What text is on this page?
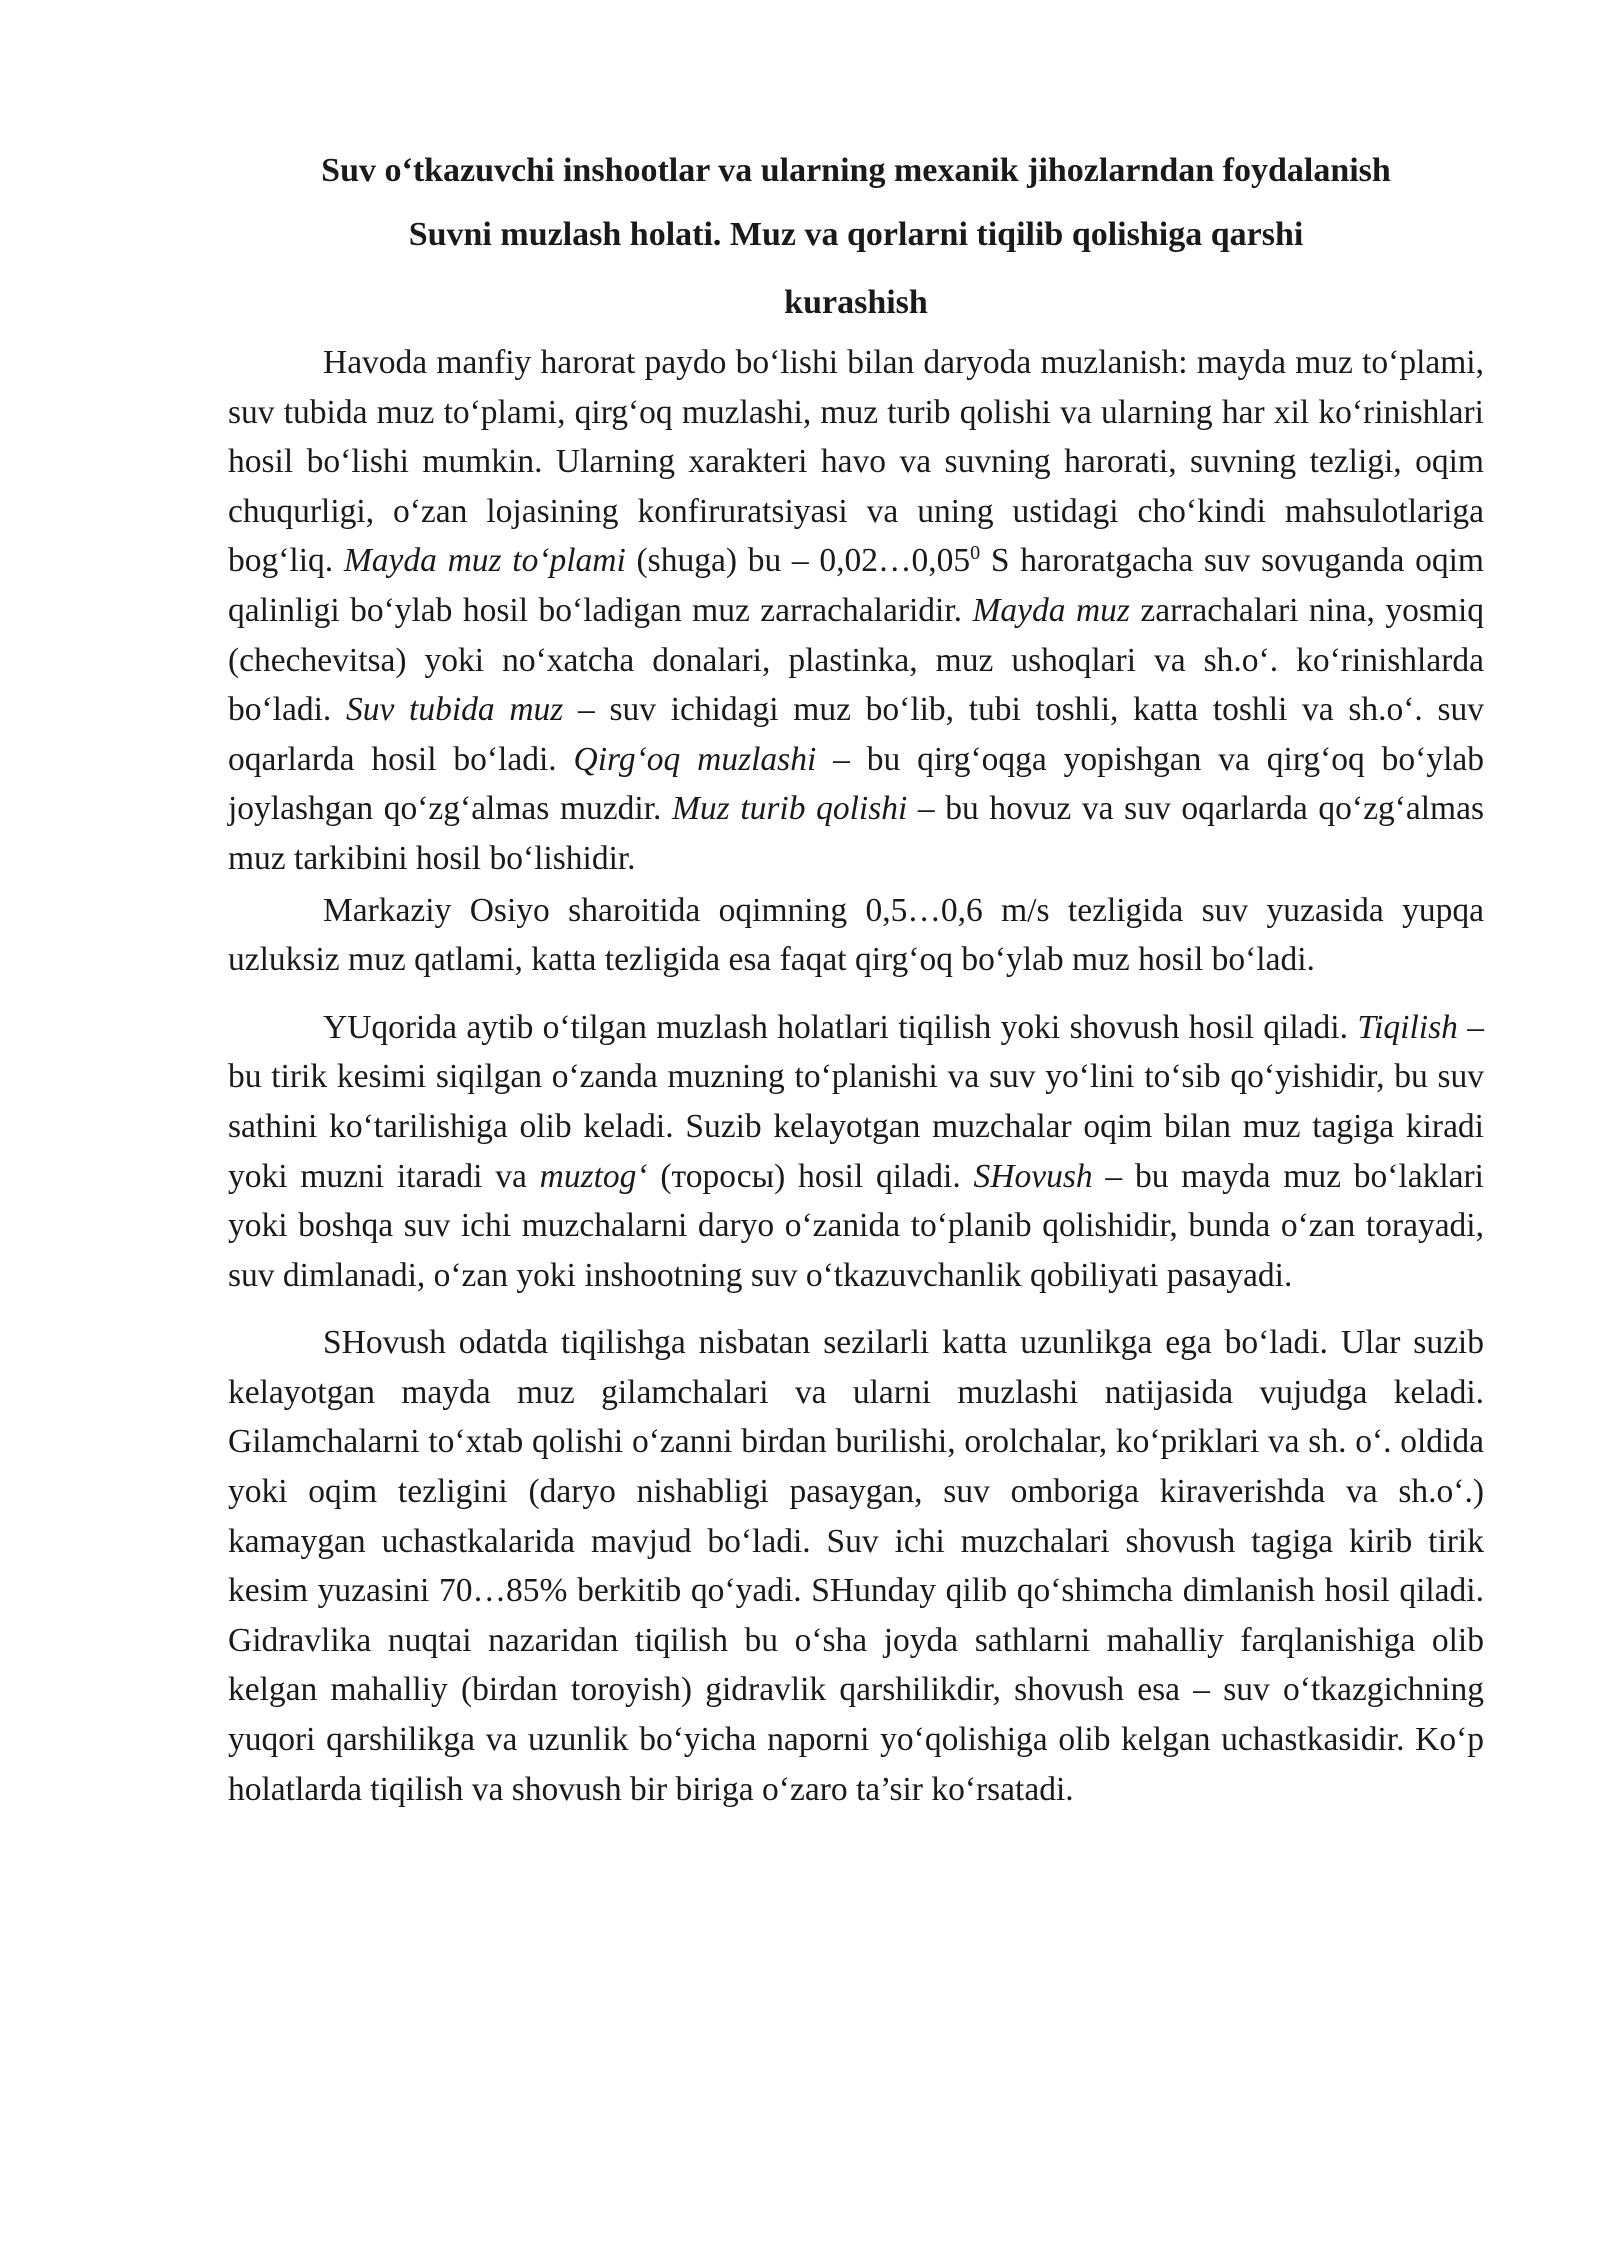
Suv o‘tkazuvchi inshootlar va ularning mexanik jihozlarndan foydalanish
Suvni muzlash holati. Muz va qorlarni tiqilib qolishiga qarshi
kurashish

Havoda manfiy harorat paydo bo‘lishi bilan daryoda muzlanish: mayda muz to‘plami, suv tubida muz to‘plami, qirg‘oq muzlashi, muz turib qolishi va ularning har xil ko‘rinishlari hosil bo‘lishi mumkin. Ularning xarakteri havo va suvning harorati, suvning tezligi, oqim chuqurligi, o‘zan lojasining konfiruratsiyasi va uning ustidagi cho‘kindi mahsulotlariga bog‘liq. Mayda muz to‘plami (shuga) bu – 0,02…0,05$^0$ S haroratgacha suv sovuganda oqim qalinligi bo‘ylab hosil bo‘ladigan muz zarrachalaridir. Mayda muz zarrachalari nina, yosmiq (chechevitsa) yoki no‘xatcha donalari, plastinka, muz ushoqlari va sh.o‘. ko‘rinishlarda bo‘ladi. Suv tubida muz – suv ichidagi muz bo‘lib, tubi toshli, katta toshli va sh.o‘. suv oqarlarda hosil bo‘ladi. Qirg‘oq muzlashi – bu qirg‘oqga yopishgan va qirg‘oq bo‘ylab joylashgan qo‘zg‘almas muzdir. Muz turib qolishi – bu hovuz va suv oqarlarda qo‘zg‘almas muz tarkibini hosil bo‘lishidir.

Markaziy Osiyo sharoitida oqimning 0,5…0,6 m/s tezligida suv yuzasida yupqa uzluksiz muz qatlami, katta tezligida esa faqat qirg‘oq bo‘ylab muz hosil bo‘ladi.

YUqorida aytib o‘tilgan muzlash holatlari tiqilish yoki shovush hosil qiladi. Tiqilish – bu tirik kesimi siqilgan o‘zanda muzning to‘planishi va suv yo‘lini to‘sib qo‘yishidir, bu suv sathini ko‘tarilishiga olib keladi. Suzib kelayotgan muzchalar oqim bilan muz tagiga kiradi yoki muzni itaradi va muztog‘ (торосы) hosil qiladi. SHovush – bu mayda muz bo‘laklari yoki boshqa suv ichi muzchalarni daryo o‘zanida to‘planib qolishidir, bunda o‘zan torayadi, suv dimlanadi, o‘zan yoki inshootning suv o‘tkazuvchanlik qobiliyati pasayadi.

SHovush odatda tiqilishga nisbatan sezilarli katta uzunlikga ega bo‘ladi. Ular suzib kelayotgan mayda muz gilamchalari va ularni muzlashi natijasida vujudga keladi. Gilamchalarni to‘xtab qolishi o‘zanni birdan burilishi, orolchalar, ko‘priklari va sh. o‘. oldida yoki oqim tezligini (daryo nishabligi pasaygan, suv omboriga kiraverishda va sh.o‘.) kamaygan uchastkalarida mavjud bo‘ladi. Suv ichi muzchalari shovush tagiga kirib tirik kesim yuzasini 70…85% berkitib qo‘yadi. SHunday qilib qo‘shimcha dimlanish hosil qiladi. Gidravlika nuqtai nazaridan tiqilish bu o‘sha joyda sathlarni mahalliy farqlanishiga olib kelgan mahalliy (birdan toroyish) gidravlik qarshilikdir, shovush esa – suv o‘tkazgichning yuqori qarshilikga va uzunlik bo‘yicha naporni yo‘qolishiga olib kelgan uchastkasidir. Ko‘p holatlarda tiqilish va shovush bir biriga o‘zaro ta’sir ko‘rsatadi.
